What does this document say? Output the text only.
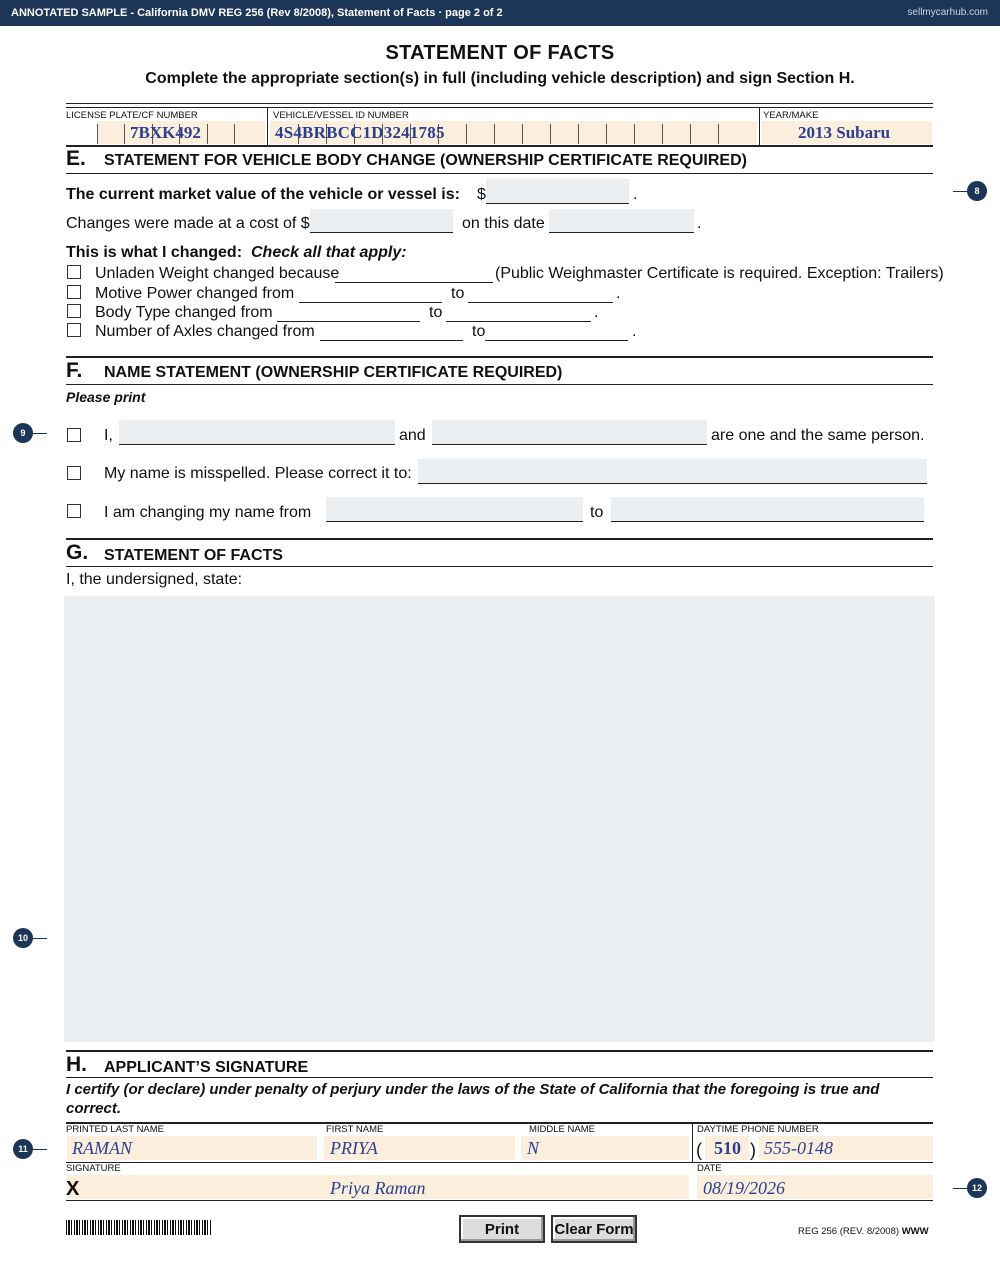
ANNOTATED SAMPLE - California DMV REG 256 (Rev 8/2008), Statement of Facts · page 2 of 2	sellmycarhub.com
STATEMENT OF FACTS
Complete the appropriate section(s) in full (including vehicle description) and sign Section H.
LICENSE PLATE/CF NUMBER	VEHICLE/VESSEL ID NUMBER	YEAR/MAKE
7BXK492	4S4BRBCC1D3241785	2013 Subaru
E. STATEMENT FOR VEHICLE BODY CHANGE (OWNERSHIP CERTIFICATE REQUIRED)
The current market value of the vehicle or vessel is: $	.
Changes were made at a cost of $	on this date	.
This is what I changed: Check all that apply:
Unladen Weight changed because	(Public Weighmaster Certificate is required. Exception: Trailers)
Motive Power changed from	to	.
Body Type changed from	to	.
Number of Axles changed from	to	.
F. NAME STATEMENT (OWNERSHIP CERTIFICATE REQUIRED)
Please print
I,	and	are one and the same person.
My name is misspelled. Please correct it to:
I am changing my name from	to
G. STATEMENT OF FACTS
I, the undersigned, state:
H. APPLICANT’S SIGNATURE
I certify (or declare) under penalty of perjury under the laws of the State of California that the foregoing is true and correct.
PRINTED LAST NAME	FIRST NAME	MIDDLE NAME	DAYTIME PHONE NUMBER
RAMAN	PRIYA	N	( 510 ) 555-0148
SIGNATURE	DATE
X	Priya Raman	08/19/2026
Print	Clear Form	REG 256 (REV. 8/2008) WWW
8
9
10
11
12
